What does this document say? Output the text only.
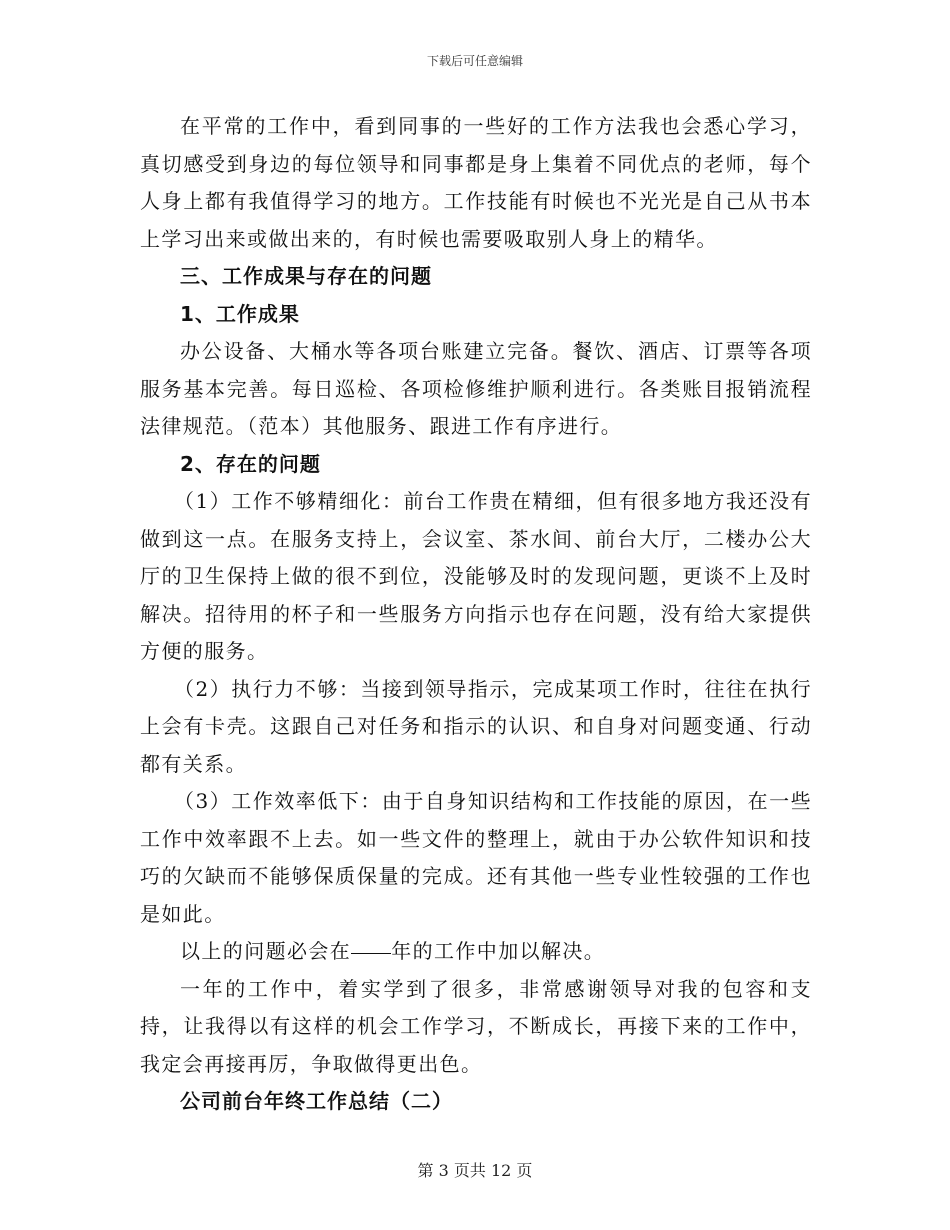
下载后可任意编辑

在平常的工作中，看到同事的一些好的工作方法我也会悉心学习，真切感受到身边的每位领导和同事都是身上集着不同优点的老师，每个人身上都有我值得学习的地方。工作技能有时候也不光光是自己从书本上学习出来或做出来的，有时候也需要吸取别人身上的精华。

三、工作成果与存在的问题

1、工作成果

办公设备、大桶水等各项台账建立完备。餐饮、酒店、订票等各项服务基本完善。每日巡检、各项检修维护顺利进行。各类账目报销流程法律规范。（范本）其他服务、跟进工作有序进行。

2、存在的问题

（1）工作不够精细化：前台工作贵在精细，但有很多地方我还没有做到这一点。在服务支持上，会议室、茶水间、前台大厅，二楼办公大厅的卫生保持上做的很不到位，没能够及时的发现问题，更谈不上及时解决。招待用的杯子和一些服务方向指示也存在问题，没有给大家提供方便的服务。

（2）执行力不够：当接到领导指示，完成某项工作时，往往在执行上会有卡壳。这跟自己对任务和指示的认识、和自身对问题变通、行动都有关系。

（3）工作效率低下：由于自身知识结构和工作技能的原因，在一些工作中效率跟不上去。如一些文件的整理上，就由于办公软件知识和技巧的欠缺而不能够保质保量的完成。还有其他一些专业性较强的工作也是如此。

以上的问题必会在 年的工作中加以解决。

一年的工作中，着实学到了很多，非常感谢领导对我的包容和支持，让我得以有这样的机会工作学习，不断成长，再接下来的工作中，我定会再接再厉，争取做得更出色。

公司前台年终工作总结（二）

第 3 页共 12 页
